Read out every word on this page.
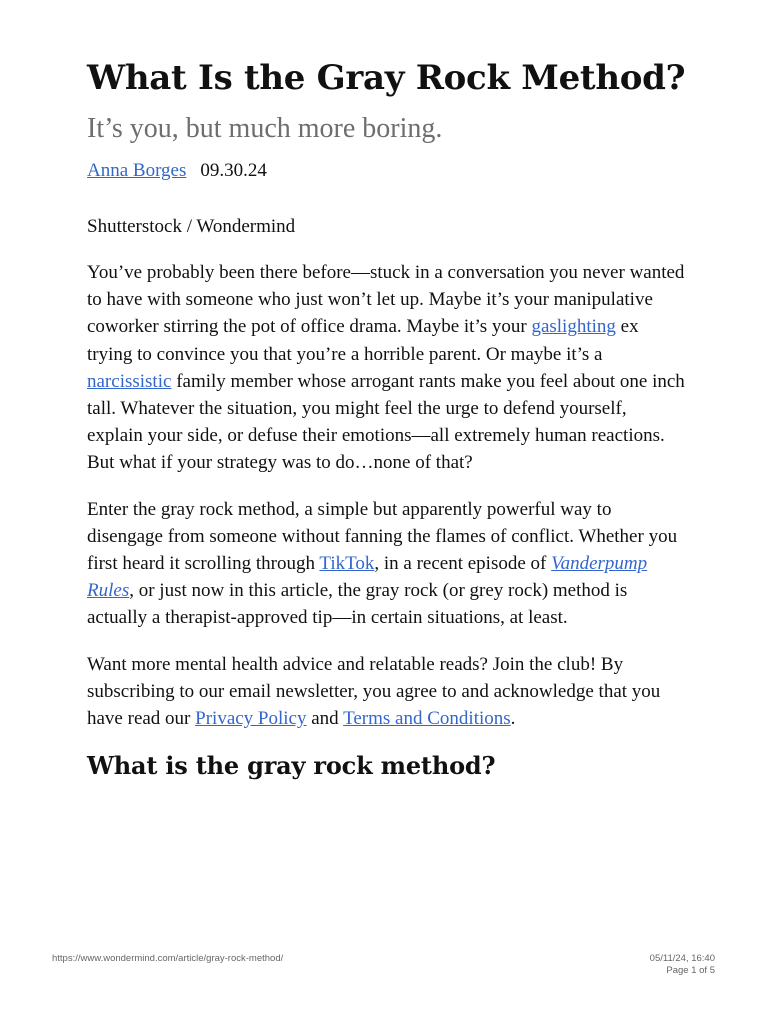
What Is the Gray Rock Method?

It’s you, but much more boring.

Anna Borges 09.30.24
Shutterstock / Wondermind

You’ve probably been there before—stuck in a conversation you never wanted to have with someone who just won’t let up. Maybe it’s your manipulative coworker stirring the pot of office drama. Maybe it’s your gaslighting ex trying to convince you that you’re a horrible parent. Or maybe it’s a narcissistic family member whose arrogant rants make you feel about one inch tall. Whatever the situation, you might feel the urge to defend yourself, explain your side, or defuse their emotions—all extremely human reactions. But what if your strategy was to do…none of that?

Enter the gray rock method, a simple but apparently powerful way to disengage from someone without fanning the flames of conflict. Whether you first heard it scrolling through TikTok, in a recent episode of Vanderpump Rules, or just now in this article, the gray rock (or grey rock) method is actually a therapist-approved tip—in certain situations, at least.

Want more mental health advice and relatable reads? Join the club! By subscribing to our email newsletter, you agree to and acknowledge that you have read our Privacy Policy and Terms and Conditions.

What is the gray rock method?
https://www.wondermind.com/article/gray-rock-method/	05/11/24, 16:40
Page 1 of 5
